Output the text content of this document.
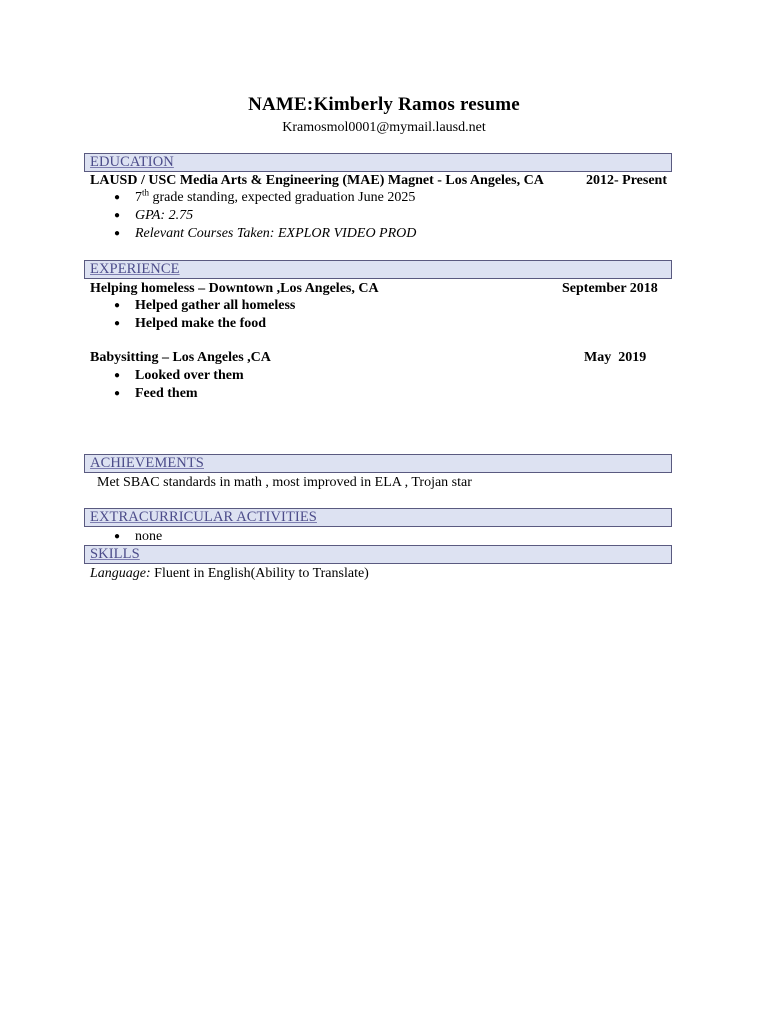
NAME:Kimberly Ramos resume
Kramosmol0001@mymail.lausd.net
EDUCATION
LAUSD / USC Media Arts & Engineering (MAE) Magnet - Los Angeles, CA	2012- Present
● 7th grade standing, expected graduation June 2025
● GPA: 2.75
● Relevant Courses Taken: EXPLOR VIDEO PROD
EXPERIENCE
Helping homeless – Downtown ,Los Angeles, CA	September 2018
● Helped gather all homeless
● Helped make the food
Babysitting – Los Angeles ,CA	May  2019
● Looked over them
● Feed them
ACHIEVEMENTS
Met SBAC standards in math , most improved in ELA , Trojan star
EXTRACURRICULAR ACTIVITIES
● none
SKILLS
Language: Fluent in English(Ability to Translate)
